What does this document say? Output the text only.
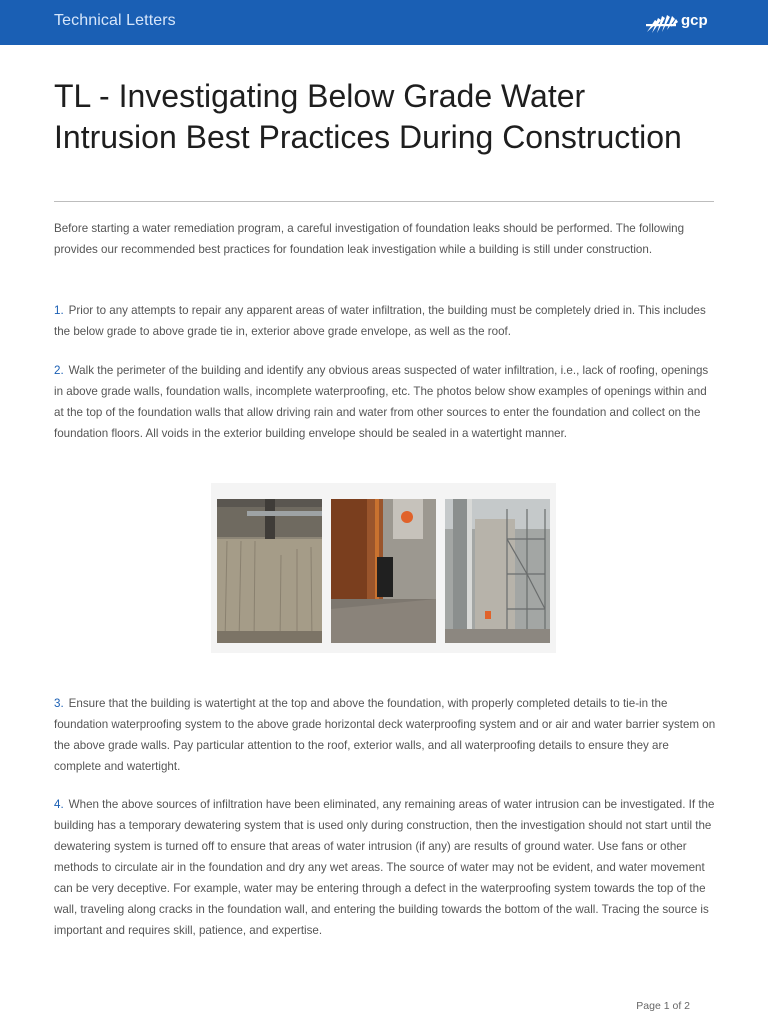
Technical Letters	gcp
TL - Investigating Below Grade Water Intrusion Best Practices During Construction

Before starting a water remediation program, a careful investigation of foundation leaks should be performed. The following provides our recommended best practices for foundation leak investigation while a building is still under construction.

1. Prior to any attempts to repair any apparent areas of water infiltration, the building must be completely dried in. This includes the below grade to above grade tie in, exterior above grade envelope, as well as the roof.

2. Walk the perimeter of the building and identify any obvious areas suspected of water infiltration, i.e., lack of roofing, openings in above grade walls, foundation walls, incomplete waterproofing, etc. The photos below show examples of openings within and at the top of the foundation walls that allow driving rain and water from other sources to enter the foundation and collect on the foundation floors. All voids in the exterior building envelope should be sealed in a watertight manner.

3. Ensure that the building is watertight at the top and above the foundation, with properly completed details to tie-in the foundation waterproofing system to the above grade horizontal deck waterproofing system and or air and water barrier system on the above grade walls. Pay particular attention to the roof, exterior walls, and all waterproofing details to ensure they are complete and watertight.

4. When the above sources of infiltration have been eliminated, any remaining areas of water intrusion can be investigated. If the building has a temporary dewatering system that is used only during construction, then the investigation should not start until the dewatering system is turned off to ensure that areas of water intrusion (if any) are results of ground water. Use fans or other methods to circulate air in the foundation and dry any wet areas. The source of water may not be evident, and water movement can be very deceptive. For example, water may be entering through a defect in the waterproofing system towards the top of the wall, traveling along cracks in the foundation wall, and entering the building towards the bottom of the wall. Tracing the source is important and requires skill, patience, and expertise.

Page 1 of 2
